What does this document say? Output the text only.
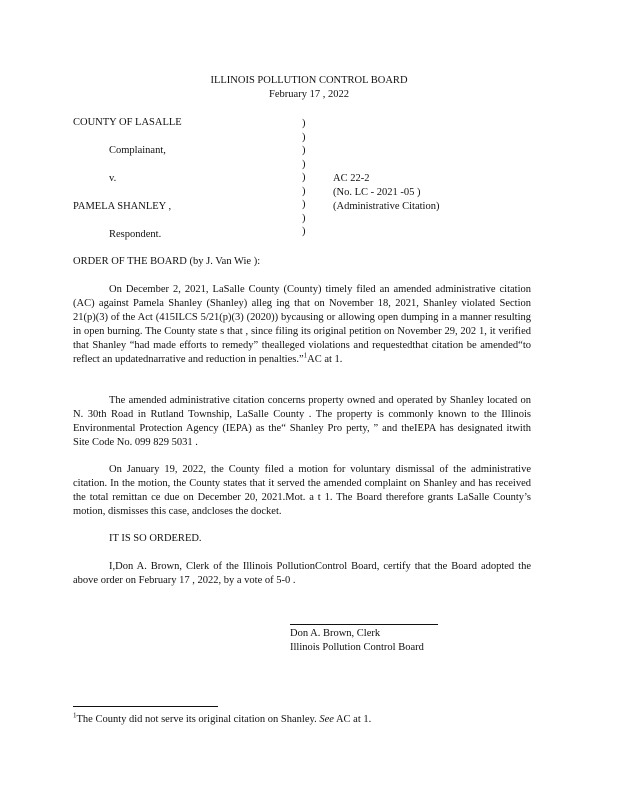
ILLINOIS POLLUTION CONTROL BOARD
February 17 , 2022
COUNTY OF LASALLE
Complainant,
v.
PAMELA SHANLEY ,
Respondent.
)
)
)
)
)
)
)
)
)
AC 22-2
(No. LC - 2021 -05 )
(Administrative Citation)
ORDER OF THE BOARD (by J. Van Wie ):
On December 2, 2021, LaSalle County (County) timely filed an amended administrative citation (AC) against Pamela Shanley (Shanley) alleg ing that on November 18, 2021, Shanley violated Section 21(p)(3) of the Act (415ILCS 5/21(p)(3) (2020)) bycausing or allowing open dumping in a manner resulting in open burning. The County state s that , since filing its original petition on November 29, 202 1, it verified that Shanley “had made efforts to remedy” thealleged violations and requestedthat citation be amended“to reflect an updatednarrative and reduction in penalties.”$^1$AC at 1.
The amended administrative citation concerns property owned and operated by Shanley located on N. 30th Road in Rutland Township, LaSalle County . The property is commonly known to the Illinois Environmental Protection Agency (IEPA) as the“ Shanley Pro perty, ” and theIEPA has designated itwith Site Code No. 099 829 5031 .
On January 19, 2022, the County filed a motion for voluntary dismissal of the administrative citation. In the motion, the County states that it served the amended complaint on Shanley and has received the total remittan ce due on December 20, 2021.Mot. a t 1. The Board therefore grants LaSalle County’s motion, dismisses this case, andcloses the docket.
IT IS SO ORDERED.
I,Don A. Brown, Clerk of the Illinois PollutionControl Board, certify that the Board adopted the above order on February 17 , 2022, by a vote of 5-0 .
Don A. Brown, Clerk
Illinois Pollution Control Board
$^1$The County did not serve its original citation on Shanley. See AC at 1.
